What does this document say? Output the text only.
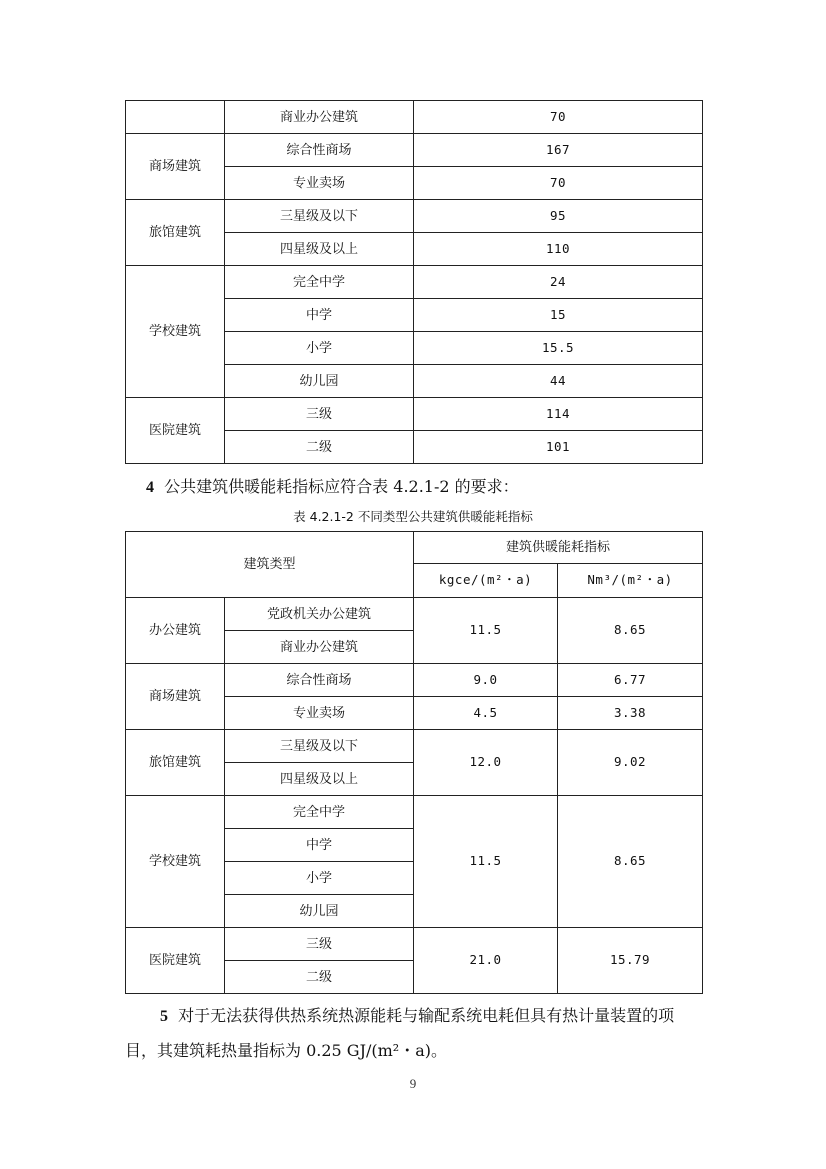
	商业办公建筑	70
商场建筑	综合性商场	167
	专业卖场	70
旅馆建筑	三星级及以下	95
	四星级及以上	110
学校建筑	完全中学	24
	中学	15
	小学	15.5
	幼儿园	44
医院建筑	三级	114
	二级	101
4 公共建筑供暖能耗指标应符合表 4.2.1-2 的要求：
表 4.2.1-2 不同类型公共建筑供暖能耗指标
建筑类型		建筑供暖能耗指标	
		kgce/(m²・a)	Nm³/(m²・a)
办公建筑	党政机关办公建筑	11.5	8.65
	商业办公建筑		
商场建筑	综合性商场	9.0	6.77
	专业卖场	4.5	3.38
旅馆建筑	三星级及以下	12.0	9.02
	四星级及以上		
学校建筑	完全中学	11.5	8.65
	中学		
	小学		
	幼儿园		
医院建筑	三级	21.0	15.79
	二级		
5 对于无法获得供热系统热源能耗与输配系统电耗但具有热计量装置的项
目，其建筑耗热量指标为 0.25 GJ/(m²・a)。
9
